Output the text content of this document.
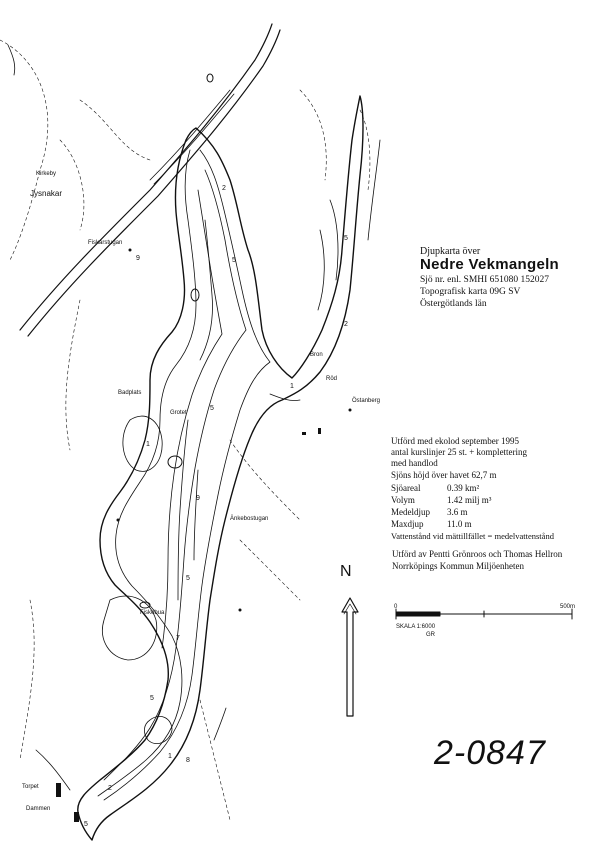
2
5
5
9
1
2
5
9
1
5
7
5
1
2
5
8
Kirkeby
Jysnakar
Fiskarstugan
Badplats
Grotet
Bron
Östanberg
Röd
Änkebostugan
Fiskebua
Torpet
Dammen
0	500m
SKALA 1:6000
GR
Djupkarta över
Nedre Vekmangeln
Sjö nr. enl. SMHI 651080 152027
Topografisk karta 09G SV
Östergötlands län
Utförd med ekolod september 1995
antal kurslinjer 25 st. + komplettering
med handlod
Sjöns höjd över havet 62,7 m
Sjöareal	0.39 km²
Volym	1.42 milj m³
Medeldjup 3.6 m
Maxdjup	11.0 m
Vattenstånd vid mättillfället = medelvattenstånd
Utförd av Pentti Grönroos och Thomas Hellron
Norrköpings Kommun Miljöenheten
N
2-0847
